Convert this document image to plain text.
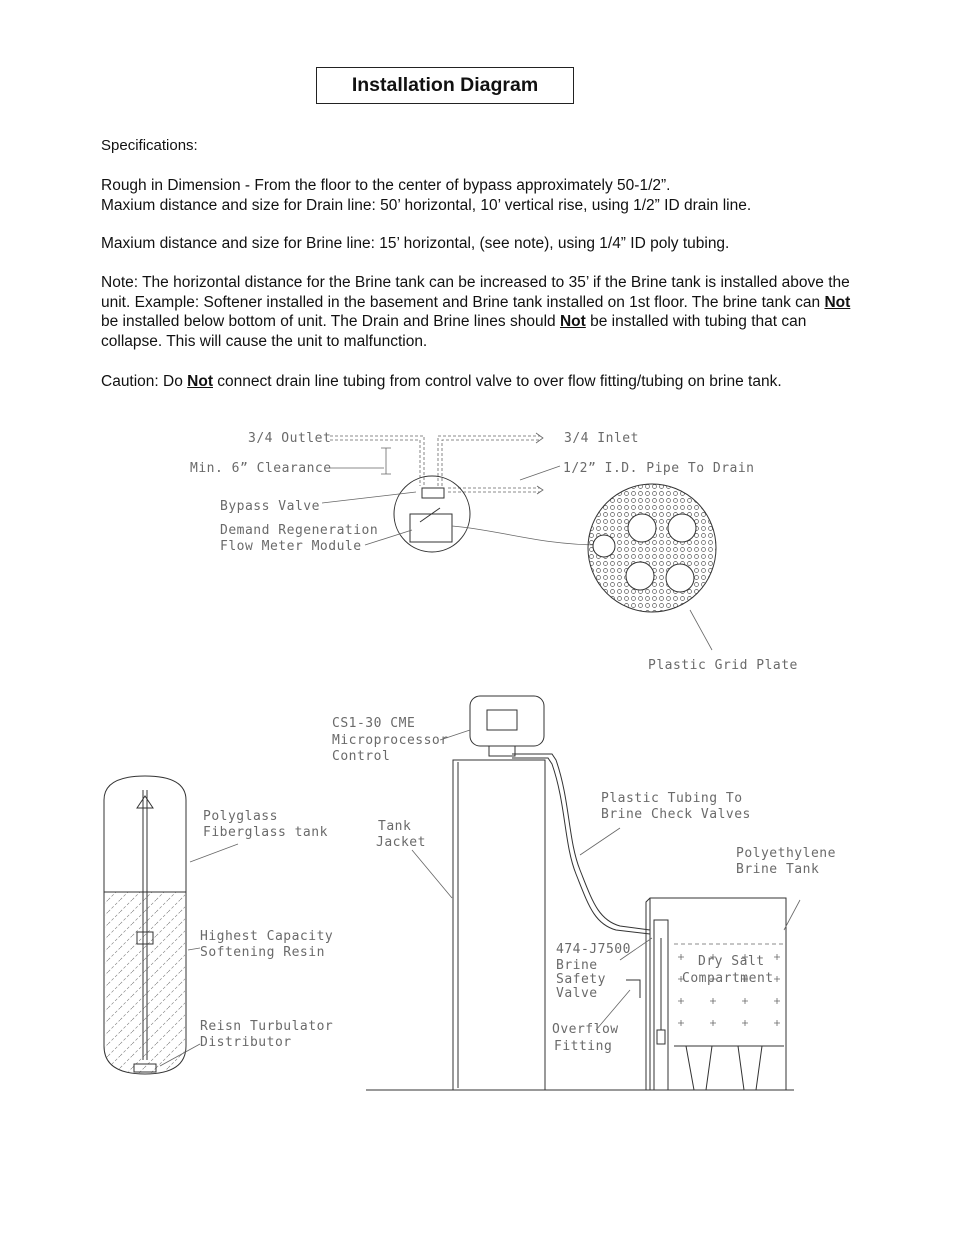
Installation Diagram
Specifications:
Rough in Dimension - From the floor to the center of bypass approximately 50-1/2”.
Maxium distance and size for Drain line: 50’ horizontal, 10’ vertical rise, using 1/2” ID drain line.
Maxium distance and size for Brine line: 15’ horizontal, (see note), using 1/4” ID poly tubing.
Note: The horizontal distance for the Brine tank can be increased to 35’ if the Brine tank is installed above the unit. Example: Softener installed in the basement and Brine tank installed on 1st floor. The brine tank can Not be installed below bottom of unit. The Drain and Brine lines should Not be installed with tubing that can collapse. This will cause the unit to malfunction.
Caution: Do Not connect drain line tubing from control valve to over flow fitting/tubing on brine tank.
3/4 Outlet	3/4 Inlet
Min. 6” Clearance	1/2” I.D. Pipe To Drain
Bypass Valve
Demand Regeneration
Flow Meter Module
Plastic Grid Plate
CS1-30 CME
Microprocessor
Control
Polyglass
Fiberglass tank	Tank
Jacket
Plastic Tubing To
Brine Check Valves
Polyethylene
Brine Tank
Highest Capacity
Softening Resin	474-J7500
Brine
Safety
Valve
Dry Salt
Compartment
Overflow
Fitting
Reisn Turbulator
Distributor
